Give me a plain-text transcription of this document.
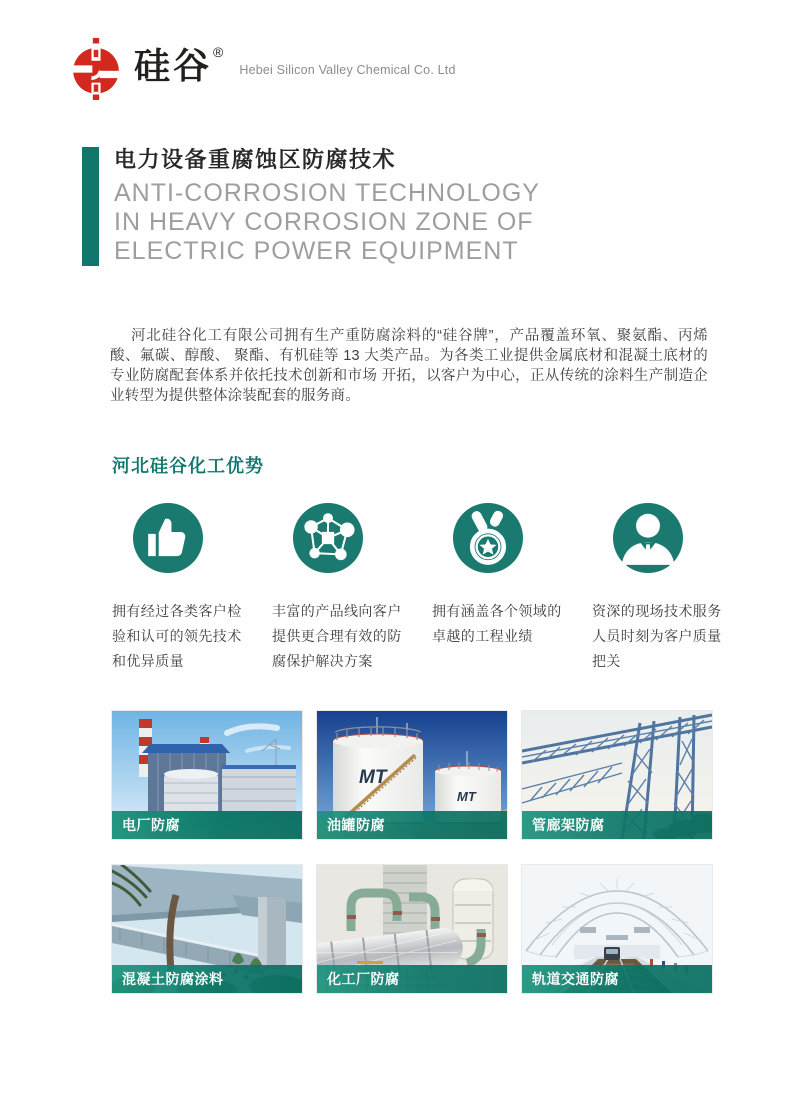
硅谷 ®
Hebei Silicon Valley Chemical Co. Ltd
电力设备重腐蚀区防腐技术
ANTI-CORROSION TECHNOLOGY
IN HEAVY CORROSION ZONE OF
ELECTRIC POWER EQUIPMENT

河北硅谷化工有限公司拥有生产重防腐涂料的“硅谷牌”，产品覆盖环氧、聚氨酯、丙烯酸、氟碳、醇酸、 聚酯、有机硅等 13 大类产品。为各类工业提供金属底材和混凝土底材的专业防腐配套体系并依托技术创新和市场 开拓，以客户为中心，正从传统的涂料生产制造企业转型为提供整体涂装配套的服务商。

河北硅谷化工优势
拥有经过各类客户检验和认可的领先技术和优异质量
丰富的产品线向客户提供更合理有效的防腐保护解决方案
拥有涵盖各个领域的卓越的工程业绩
资深的现场技术服务人员时刻为客户质量把关
电厂防腐
MT
MT
油罐防腐	管廊架防腐
混凝土防腐涂料	化工厂防腐	轨道交通防腐
